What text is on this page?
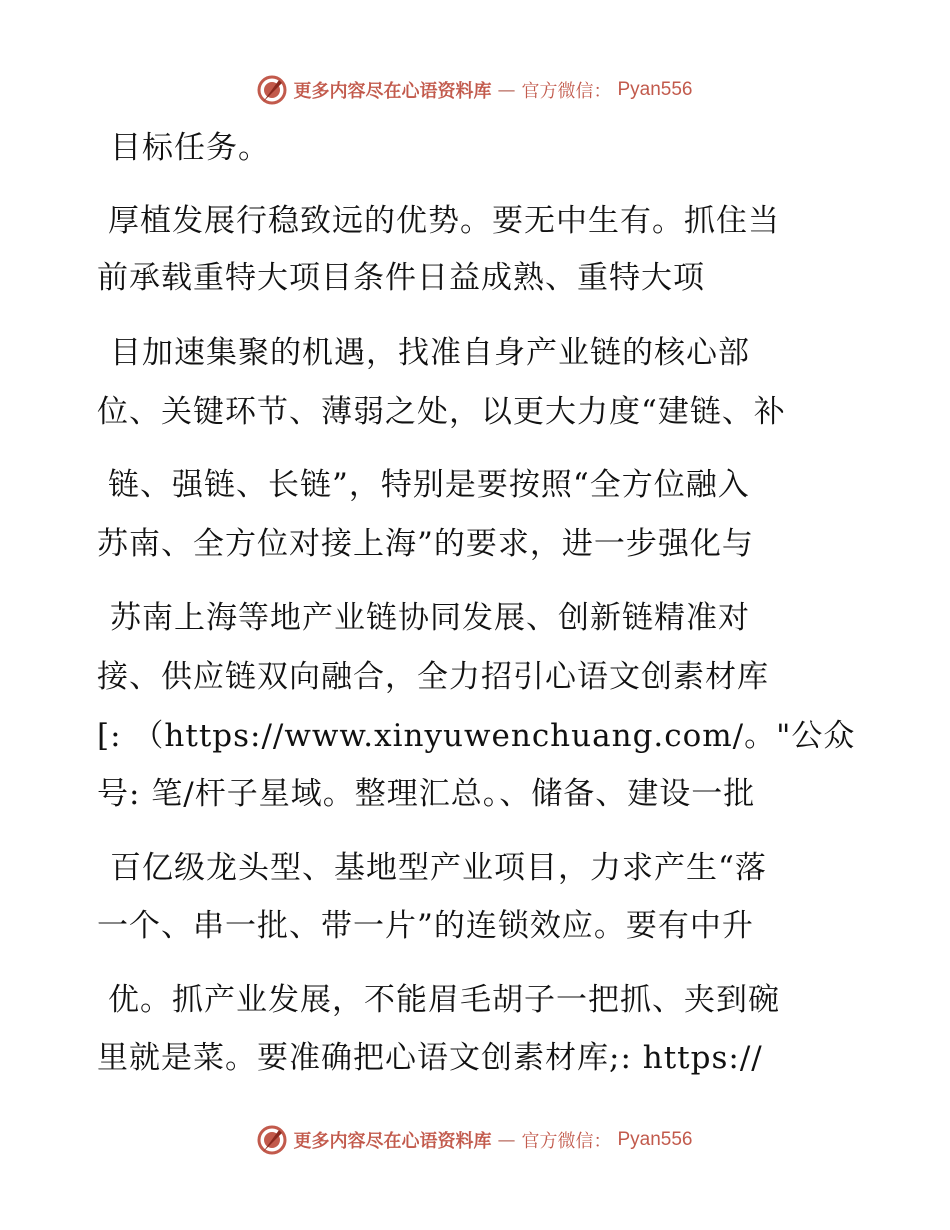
更多内容尽在心语资料库 — 官方微信： Pyan556

目标任务。

厚植发展行稳致远的优势。要无中生有。抓住当

前承载重特大项目条件日益成熟、重特大项

目加速集聚的机遇，找准自身产业链的核心部

位、关键环节、薄弱之处，以更大力度“建链、补

链、强链、长链”，特别是要按照“全方位融入

苏南、全方位对接上海”的要求，进一步强化与

苏南上海等地产业链协同发展、创新链精准对

接、供应链双向融合，全力招引心语文创素材库

[: （https://www.xinyuwenchuang.com/。"公众

号: 笔/杆子星域。整理汇总。、储备、建设一批

百亿级龙头型、基地型产业项目，力求产生“落

一个、串一批、带一片”的连锁效应。要有中升

优。抓产业发展，不能眉毛胡子一把抓、夹到碗

里就是菜。要准确把心语文创素材库;: https://

更多内容尽在心语资料库 — 官方微信： Pyan556
